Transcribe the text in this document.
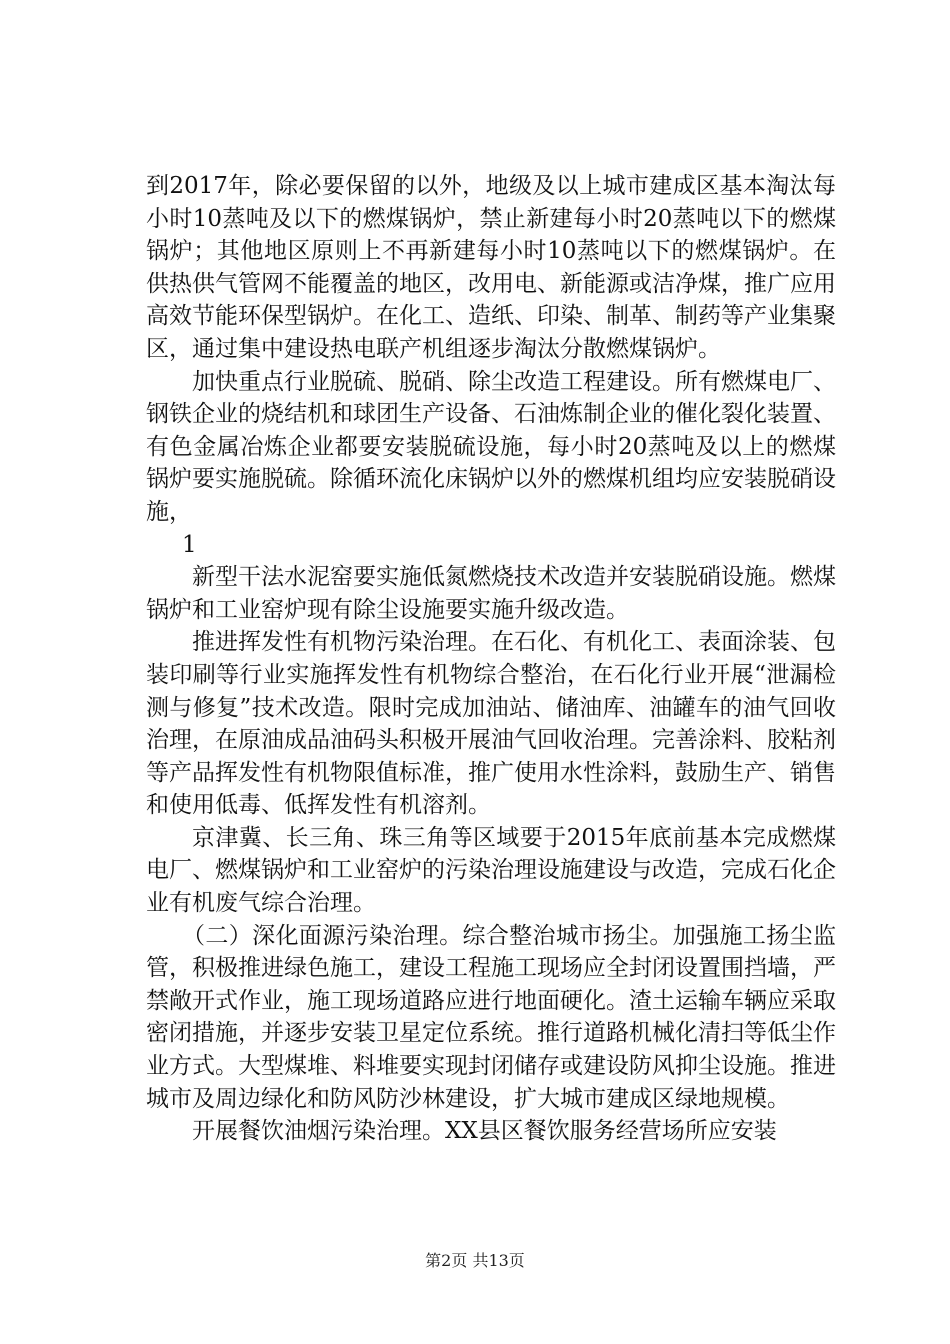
到2017年，除必要保留的以外，地级及以上城市建成区基本淘汰每小时10蒸吨及以下的燃煤锅炉，禁止新建每小时20蒸吨以下的燃煤锅炉；其他地区原则上不再新建每小时10蒸吨以下的燃煤锅炉。在供热供气管网不能覆盖的地区，改用电、新能源或洁净煤，推广应用高效节能环保型锅炉。在化工、造纸、印染、制革、制药等产业集聚区，通过集中建设热电联产机组逐步淘汰分散燃煤锅炉。

加快重点行业脱硫、脱硝、除尘改造工程建设。所有燃煤电厂、钢铁企业的烧结机和球团生产设备、石油炼制企业的催化裂化装置、有色金属冶炼企业都要安装脱硫设施，每小时20蒸吨及以上的燃煤锅炉要实施脱硫。除循环流化床锅炉以外的燃煤机组均应安装脱硝设施，

1

新型干法水泥窑要实施低氮燃烧技术改造并安装脱硝设施。燃煤锅炉和工业窑炉现有除尘设施要实施升级改造。

推进挥发性有机物污染治理。在石化、有机化工、表面涂装、包装印刷等行业实施挥发性有机物综合整治，在石化行业开展“泄漏检测与修复”技术改造。限时完成加油站、储油库、油罐车的油气回收治理，在原油成品油码头积极开展油气回收治理。完善涂料、胶粘剂等产品挥发性有机物限值标准，推广使用水性涂料，鼓励生产、销售和使用低毒、低挥发性有机溶剂。

京津冀、长三角、珠三角等区域要于2015年底前基本完成燃煤电厂、燃煤锅炉和工业窑炉的污染治理设施建设与改造，完成石化企业有机废气综合治理。

（二）深化面源污染治理。综合整治城市扬尘。加强施工扬尘监管，积极推进绿色施工，建设工程施工现场应全封闭设置围挡墙，严禁敞开式作业，施工现场道路应进行地面硬化。渣土运输车辆应采取密闭措施，并逐步安装卫星定位系统。推行道路机械化清扫等低尘作业方式。大型煤堆、料堆要实现封闭储存或建设防风抑尘设施。推进城市及周边绿化和防风防沙林建设，扩大城市建成区绿地规模。

开展餐饮油烟污染治理。XX县区餐饮服务经营场所应安装

第2页 共13页
